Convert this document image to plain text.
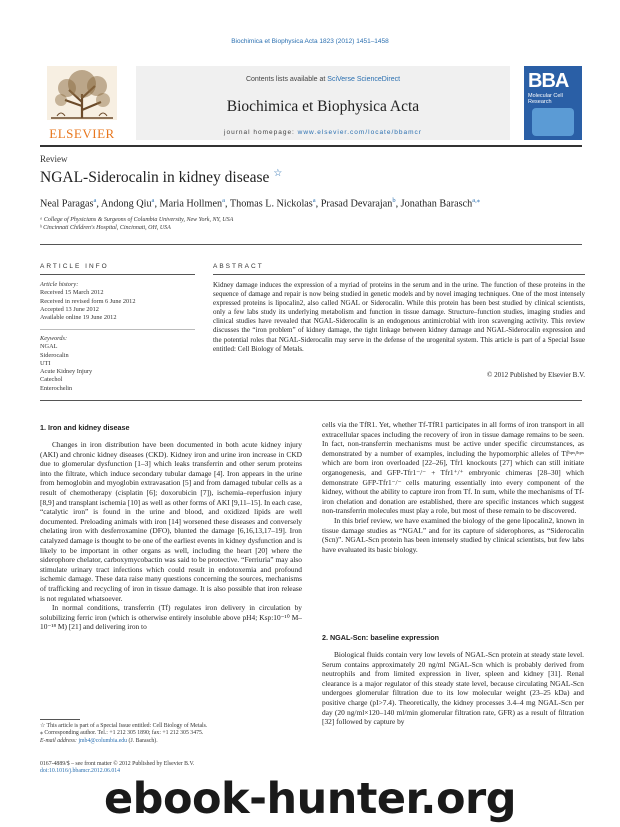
Biochimica et Biophysica Acta 1823 (2012) 1451–1458
ELSEVIER
Contents lists available at SciVerse ScienceDirect
Biochimica et Biophysica Acta
journal homepage: www.elsevier.com/locate/bbamcr
BBA
Molecular Cell
Research
Review
NGAL-Siderocalin in kidney disease ☆
Neal Paragas$^a$, Andong Qiu$^a$, Maria Hollmen$^a$, Thomas L. Nickolas$^a$, Prasad Devarajan$^b$, Jonathan Barasch$^{a,⁎}$
ᵃ College of Physicians & Surgeons of Columbia University, New York, NY, USA
ᵇ Cincinnati Children's Hospital, Cincinnati, OH, USA
ARTICLE INFO	ABSTRACT
Article history:
Received 15 March 2012
Received in revised form 6 June 2012
Accepted 13 June 2012
Available online 19 June 2012
Keywords:
NGAL
Siderocalin
UTI
Acute Kidney Injury
Catechol
Enterochelin
Kidney damage induces the expression of a myriad of proteins in the serum and in the urine. The function of these proteins in the sequence of damage and repair is now being studied in genetic models and by novel imaging techniques. One of the most intensely expressed proteins is lipocalin2, also called NGAL or Siderocalin. While this protein has been best studied by clinical scientists, only a few labs study its underlying metabolism and function in tissue damage. Structure–function studies, imaging studies and clinical studies have revealed that NGAL-Siderocalin is an endogenous antimicrobial with iron scavenging activity. This review discusses the “iron problem” of kidney damage, the tight linkage between kidney damage and NGAL-Siderocalin expression and the potential roles that NGAL-Siderocalin may serve in the defense of the urogenital system. This article is part of a Special Issue entitled: Cell Biology of Metals.
© 2012 Published by Elsevier B.V.
1. Iron and kidney disease

Changes in iron distribution have been documented in both acute kidney injury (AKI) and chronic kidney diseases (CKD). Kidney iron and urine iron increase in CKD due to glomerular dysfunction [1–3] which leaks transferrin and other serum proteins into the filtrate, which induce secondary tubular damage [4]. Iron appears in the urine from hemoglobin and myoglobin extravasation [5] and from damaged tubular cells as a result of chemotherapy (cisplatin [6]; doxorubicin [7]), ischemia–reperfusion injury [8,9] and transplant ischemia [10] as well as other forms of AKI [9,11–15]. In each case, “catalytic iron” is found in the urine and blood, and oxidized lipids are well documented. Preloading animals with iron [14] worsened these diseases and conversely chelating iron with desferroxamine (DFO), blunted the damage [6,16,13,17–19]. Iron catalyzed damage is thought to be one of the earliest events in kidney dysfunction and is likely to be important in other organs as well, including the heart [20] where the siderophore chelator, carboxymycobactin was said to be protective. “Ferriuria” may also stimulate urinary tract infections which could result in endotoxemia and profound ischemic damage. These data raise many questions concerning the sources, mechanisms of trafficking and recycling of iron in tissue damage. It is also possible that iron release is not regulated whatsoever.

In normal conditions, transferrin (Tf) regulates iron delivery in circulation by solubilizing ferric iron (which is otherwise entirely insoluble above pH4; Ksp:10⁻¹⁰ M–10⁻¹⁸ M) [21] and delivering iron to

cells via the TfR1. Yet, whether Tf-TfR1 participates in all forms of iron transport in all extracellular spaces including the recovery of iron in tissue damage remains to be seen. In fact, non-transferrin mechanisms must be active under specific circumstances, as demonstrated by a number of examples, including the hypomorphic alleles of Tfʰᵖˣ/ʰᵖˣ which are born iron overloaded [22–26], Tfr1 knockouts [27] which can still initiate organogenesis, and GFP-Tfr1⁻/⁻ + Tfr1⁺/⁺ embryonic chimeras [28–30] which demonstrate GFP-Tfr1⁻/⁻ cells maturing essentially into every component of the kidney, without the ability to capture iron from Tf. In sum, while the mechanisms of Tf-iron chelation and donation are established, there are specific instances which suggest non-transferrin molecules must play a role, but most of these remain to be discovered.

In this brief review, we have examined the biology of the gene lipocalin2, known in tissue damage studies as “NGAL” and for its capture of siderophores, as “Siderocalin (Scn)”. NGAL-Scn protein has been intensely studied by clinical scientists, but few labs have evaluated its basic biology.

2. NGAL-Scn: baseline expression

Biological fluids contain very low levels of NGAL-Scn protein at steady state level. Serum contains approximately 20 ng/ml NGAL-Scn which is probably derived from neutrophils and from limited expression in liver, spleen and kidney [31]. Renal clearance is a major regulator of this steady state level, because circulating NGAL-Scn undergoes glomerular filtration due to its low molecular weight (23–25 kDa) and positive charge (pI>7.4). Theoretically, the kidney processes 3.4–4 mg NGAL-Scn per day (20 ng/ml×120–140 ml/min glomerular filtration rate, GFR) as a result of filtration [32] followed by capture by

☆ This article is part of a Special Issue entitled: Cell Biology of Metals.
⁎ Corresponding author. Tel.: +1 212 305 1890; fax: +1 212 305 3475.
E-mail address: jmb4@columbia.edu (J. Barasch).
0167-4889/$ – see front matter © 2012 Published by Elsevier B.V.
doi:10.1016/j.bbamcr.2012.06.014
ebook-hunter.org
